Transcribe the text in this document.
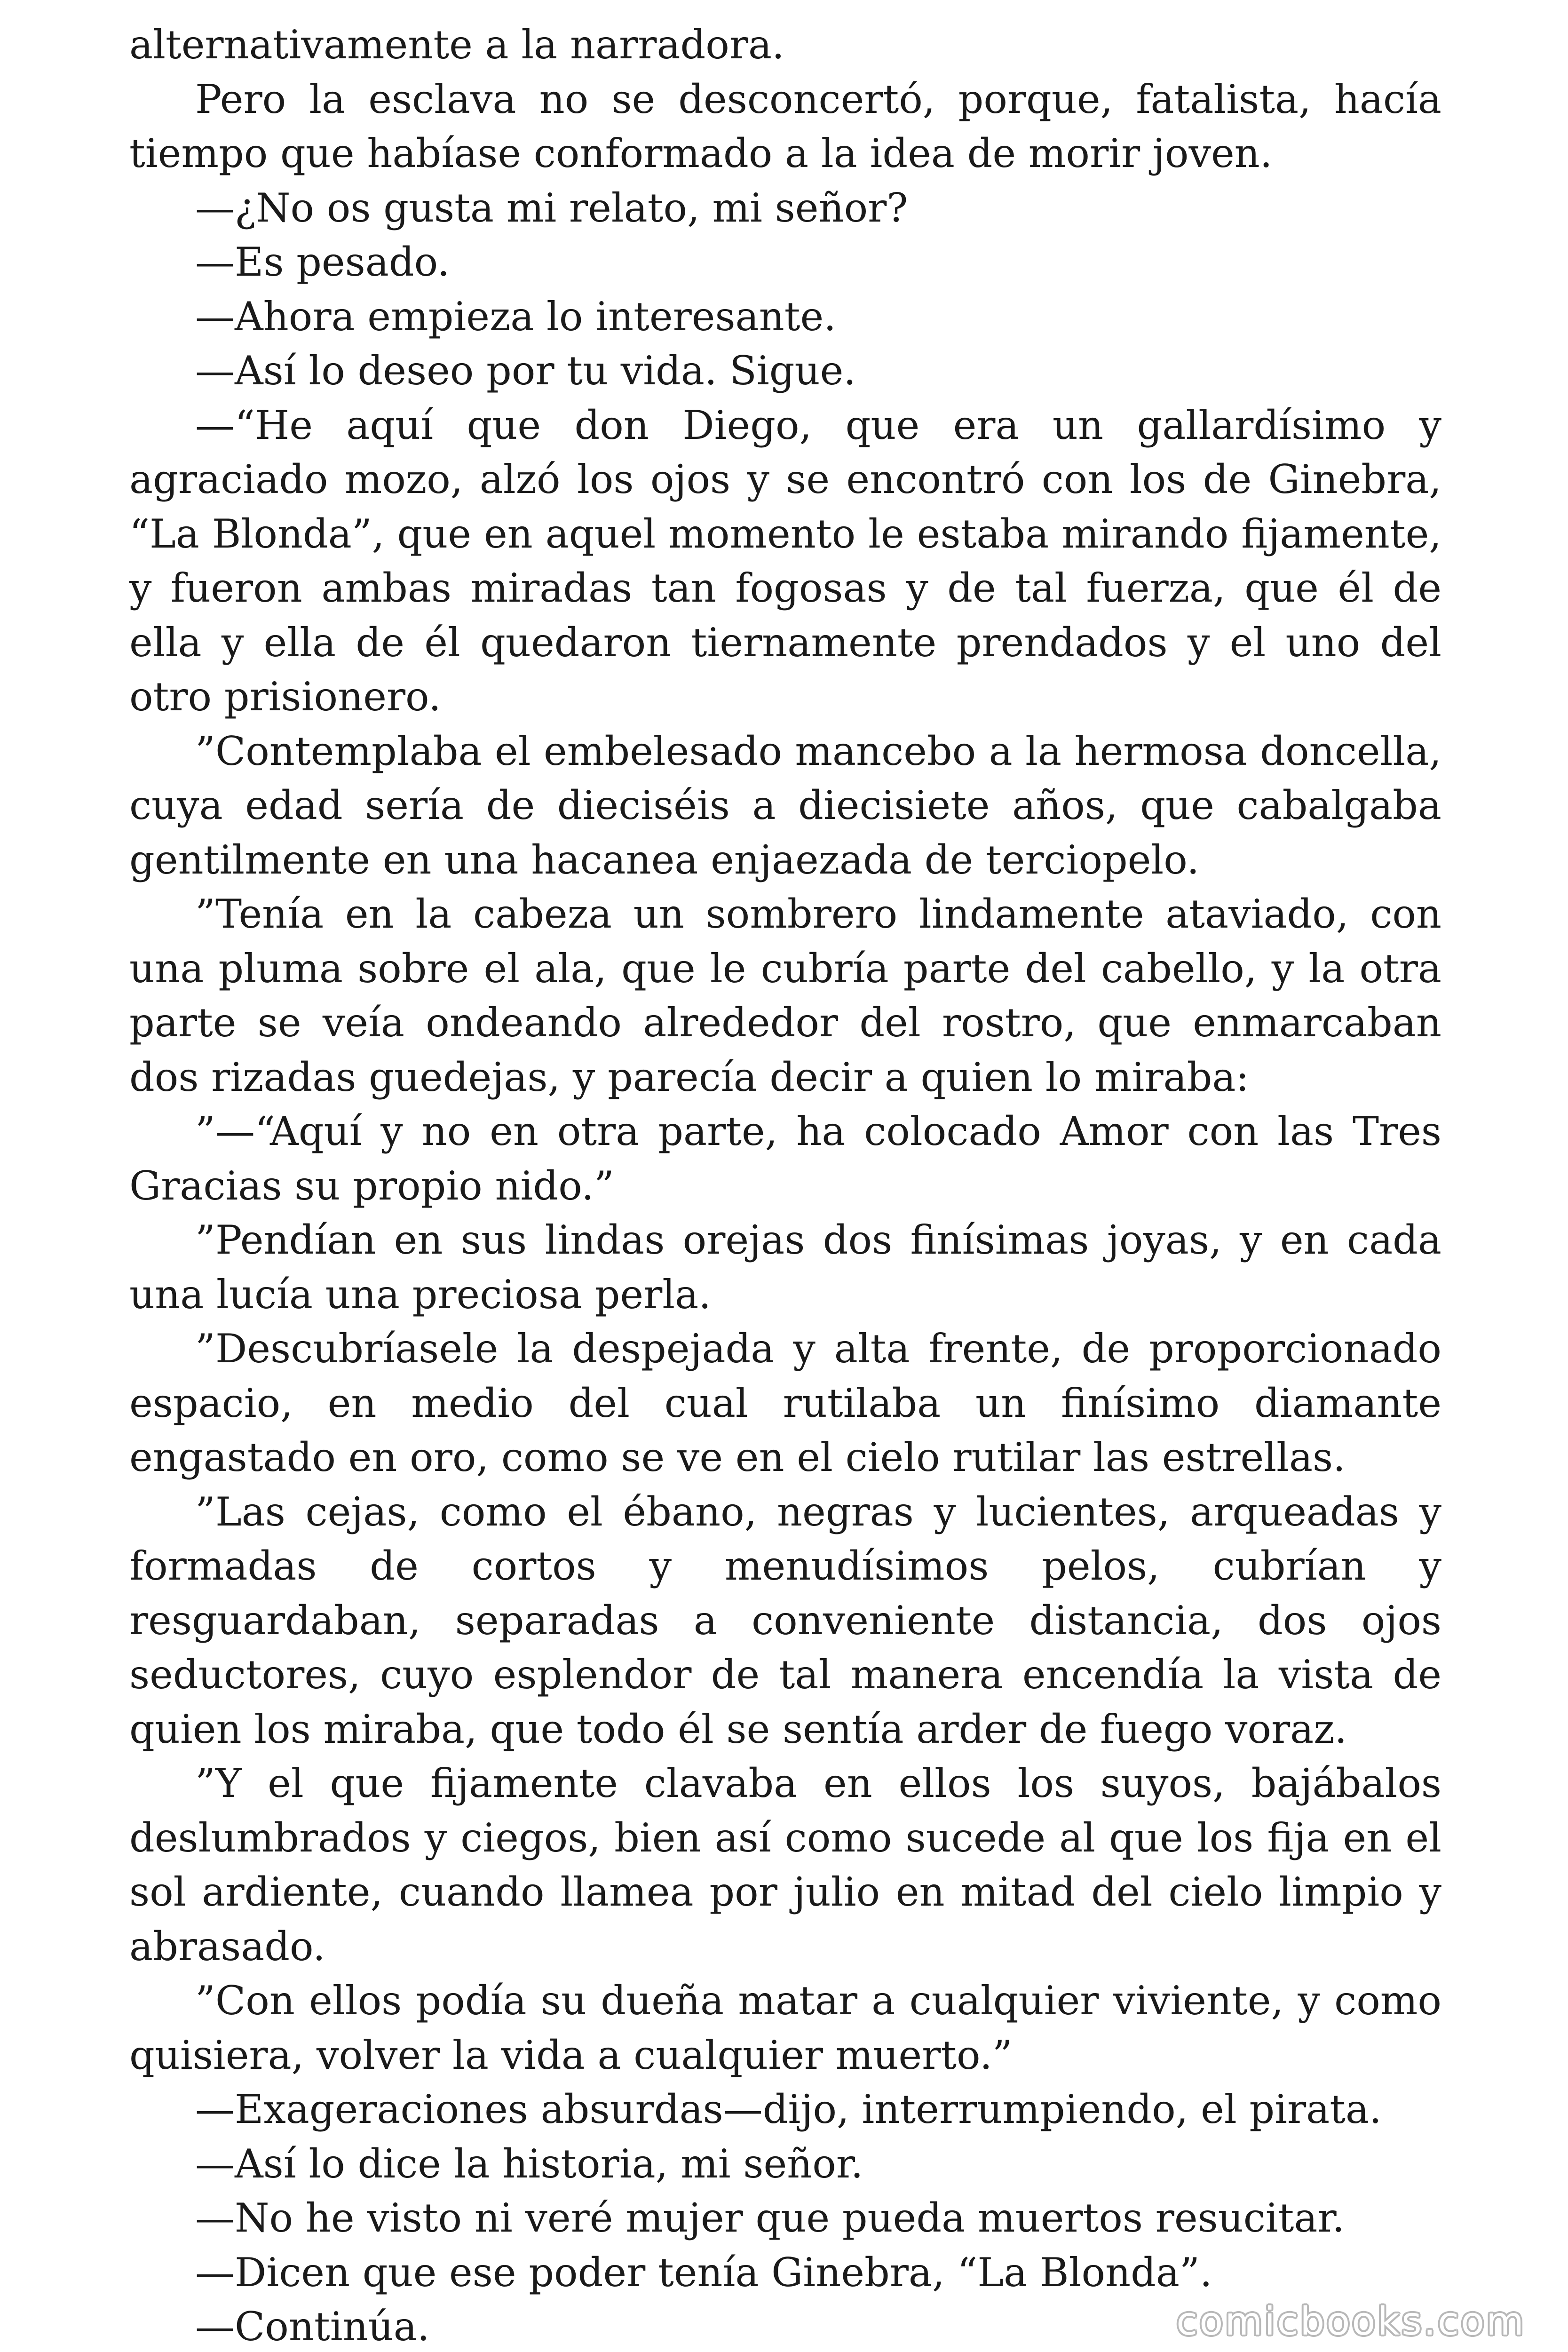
alternativamente a la narradora.

Pero la esclava no se desconcertó, porque, fatalista, hacía tiempo que habíase conformado a la idea de morir joven.

—¿No os gusta mi relato, mi señor?

—Es pesado.

—Ahora empieza lo interesante.

—Así lo deseo por tu vida. Sigue.

—“He aquí que don Diego, que era un gallardísimo y agraciado mozo, alzó los ojos y se encontró con los de Ginebra, “La Blonda”, que en aquel momento le estaba mirando fijamente, y fueron ambas miradas tan fogosas y de tal fuerza, que él de ella y ella de él quedaron tiernamente prendados y el uno del otro prisionero.

”Contemplaba el embelesado mancebo a la hermosa doncella, cuya edad sería de dieciséis a diecisiete años, que cabalgaba gentilmente en una hacanea enjaezada de terciopelo.

”Tenía en la cabeza un sombrero lindamente ataviado, con una pluma sobre el ala, que le cubría parte del cabello, y la otra parte se veía ondeando alrededor del rostro, que enmarcaban dos rizadas guedejas, y parecía decir a quien lo miraba:

”—“Aquí y no en otra parte, ha colocado Amor con las Tres Gracias su propio nido.”

”Pendían en sus lindas orejas dos finísimas joyas, y en cada una lucía una preciosa perla.

”Descubríasele la despejada y alta frente, de proporcionado espacio, en medio del cual rutilaba un finísimo diamante engastado en oro, como se ve en el cielo rutilar las estrellas.

”Las cejas, como el ébano, negras y lucientes, arqueadas y formadas de cortos y menudísimos pelos, cubrían y resguardaban, separadas a conveniente distancia, dos ojos seductores, cuyo esplendor de tal manera encendía la vista de quien los miraba, que todo él se sentía arder de fuego voraz.

”Y el que fijamente clavaba en ellos los suyos, bajábalos deslumbrados y ciegos, bien así como sucede al que los fija en el sol ardiente, cuando llamea por julio en mitad del cielo limpio y abrasado.

”Con ellos podía su dueña matar a cualquier viviente, y como quisiera, volver la vida a cualquier muerto.”

—Exageraciones absurdas—dijo, interrumpiendo, el pirata.

—Así lo dice la historia, mi señor.

—No he visto ni veré mujer que pueda muertos resucitar.

—Dicen que ese poder tenía Ginebra, “La Blonda”.

—Continúa.	comicbooks.com
